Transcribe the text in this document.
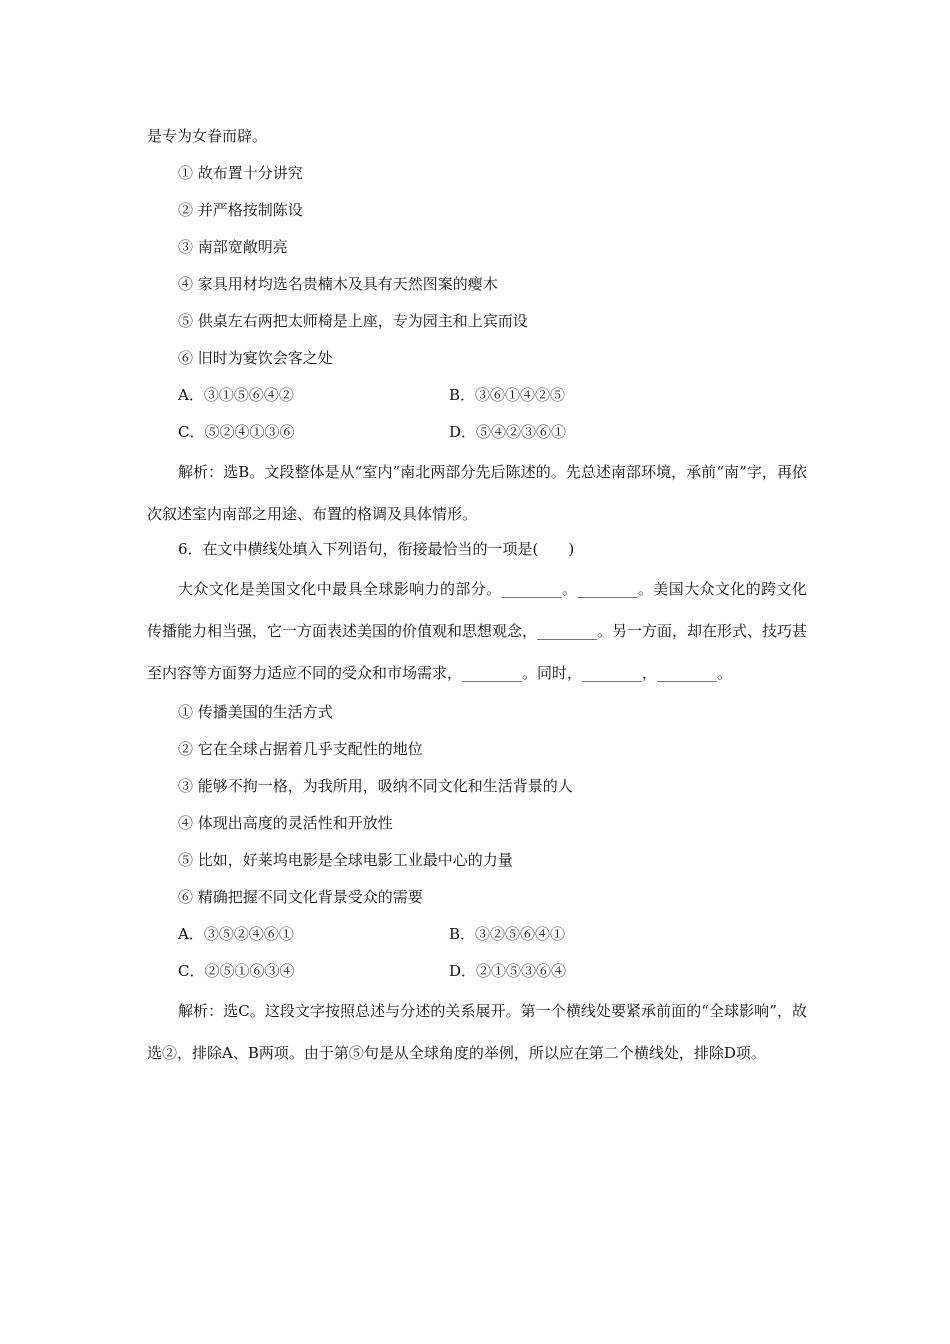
是专为女眷而辟。
① 故布置十分讲究
② 并严格按制陈设
③ 南部宽敞明亮
④ 家具用材均选名贵楠木及具有天然图案的瘿木
⑤ 供桌左右两把太师椅是上座，专为园主和上宾而设
⑥ 旧时为宴饮会客之处
A．③①⑤⑥④②	B．③⑥①④②⑤
C．⑤②④①③⑥	D．⑤④②③⑥①

解析：选B。文段整体是从“室内”南北两部分先后陈述的。先总述南部环境，承前“南”字，再依次叙述室内南部之用途、布置的格调及具体情形。

6．在文中横线处填入下列语句，衔接最恰当的一项是(　　)

大众文化是美国文化中最具全球影响力的部分。________。________。美国大众文化的跨文化传播能力相当强，它一方面表述美国的价值观和思想观念，________。另一方面，却在形式、技巧甚至内容等方面努力适应不同的受众和市场需求，________。同时，________，________。

① 传播美国的生活方式
② 它在全球占据着几乎支配性的地位
③ 能够不拘一格，为我所用，吸纳不同文化和生活背景的人
④ 体现出高度的灵活性和开放性
⑤ 比如，好莱坞电影是全球电影工业最中心的力量
⑥ 精确把握不同文化背景受众的需要
A．③⑤②④⑥①	B．③②⑤⑥④①
C．②⑤①⑥③④	D．②①⑤③⑥④

解析：选C。这段文字按照总述与分述的关系展开。第一个横线处要紧承前面的“全球影响”，故选②，排除A、B两项。由于第⑤句是从全球角度的举例，所以应在第二个横线处，排除D项。
